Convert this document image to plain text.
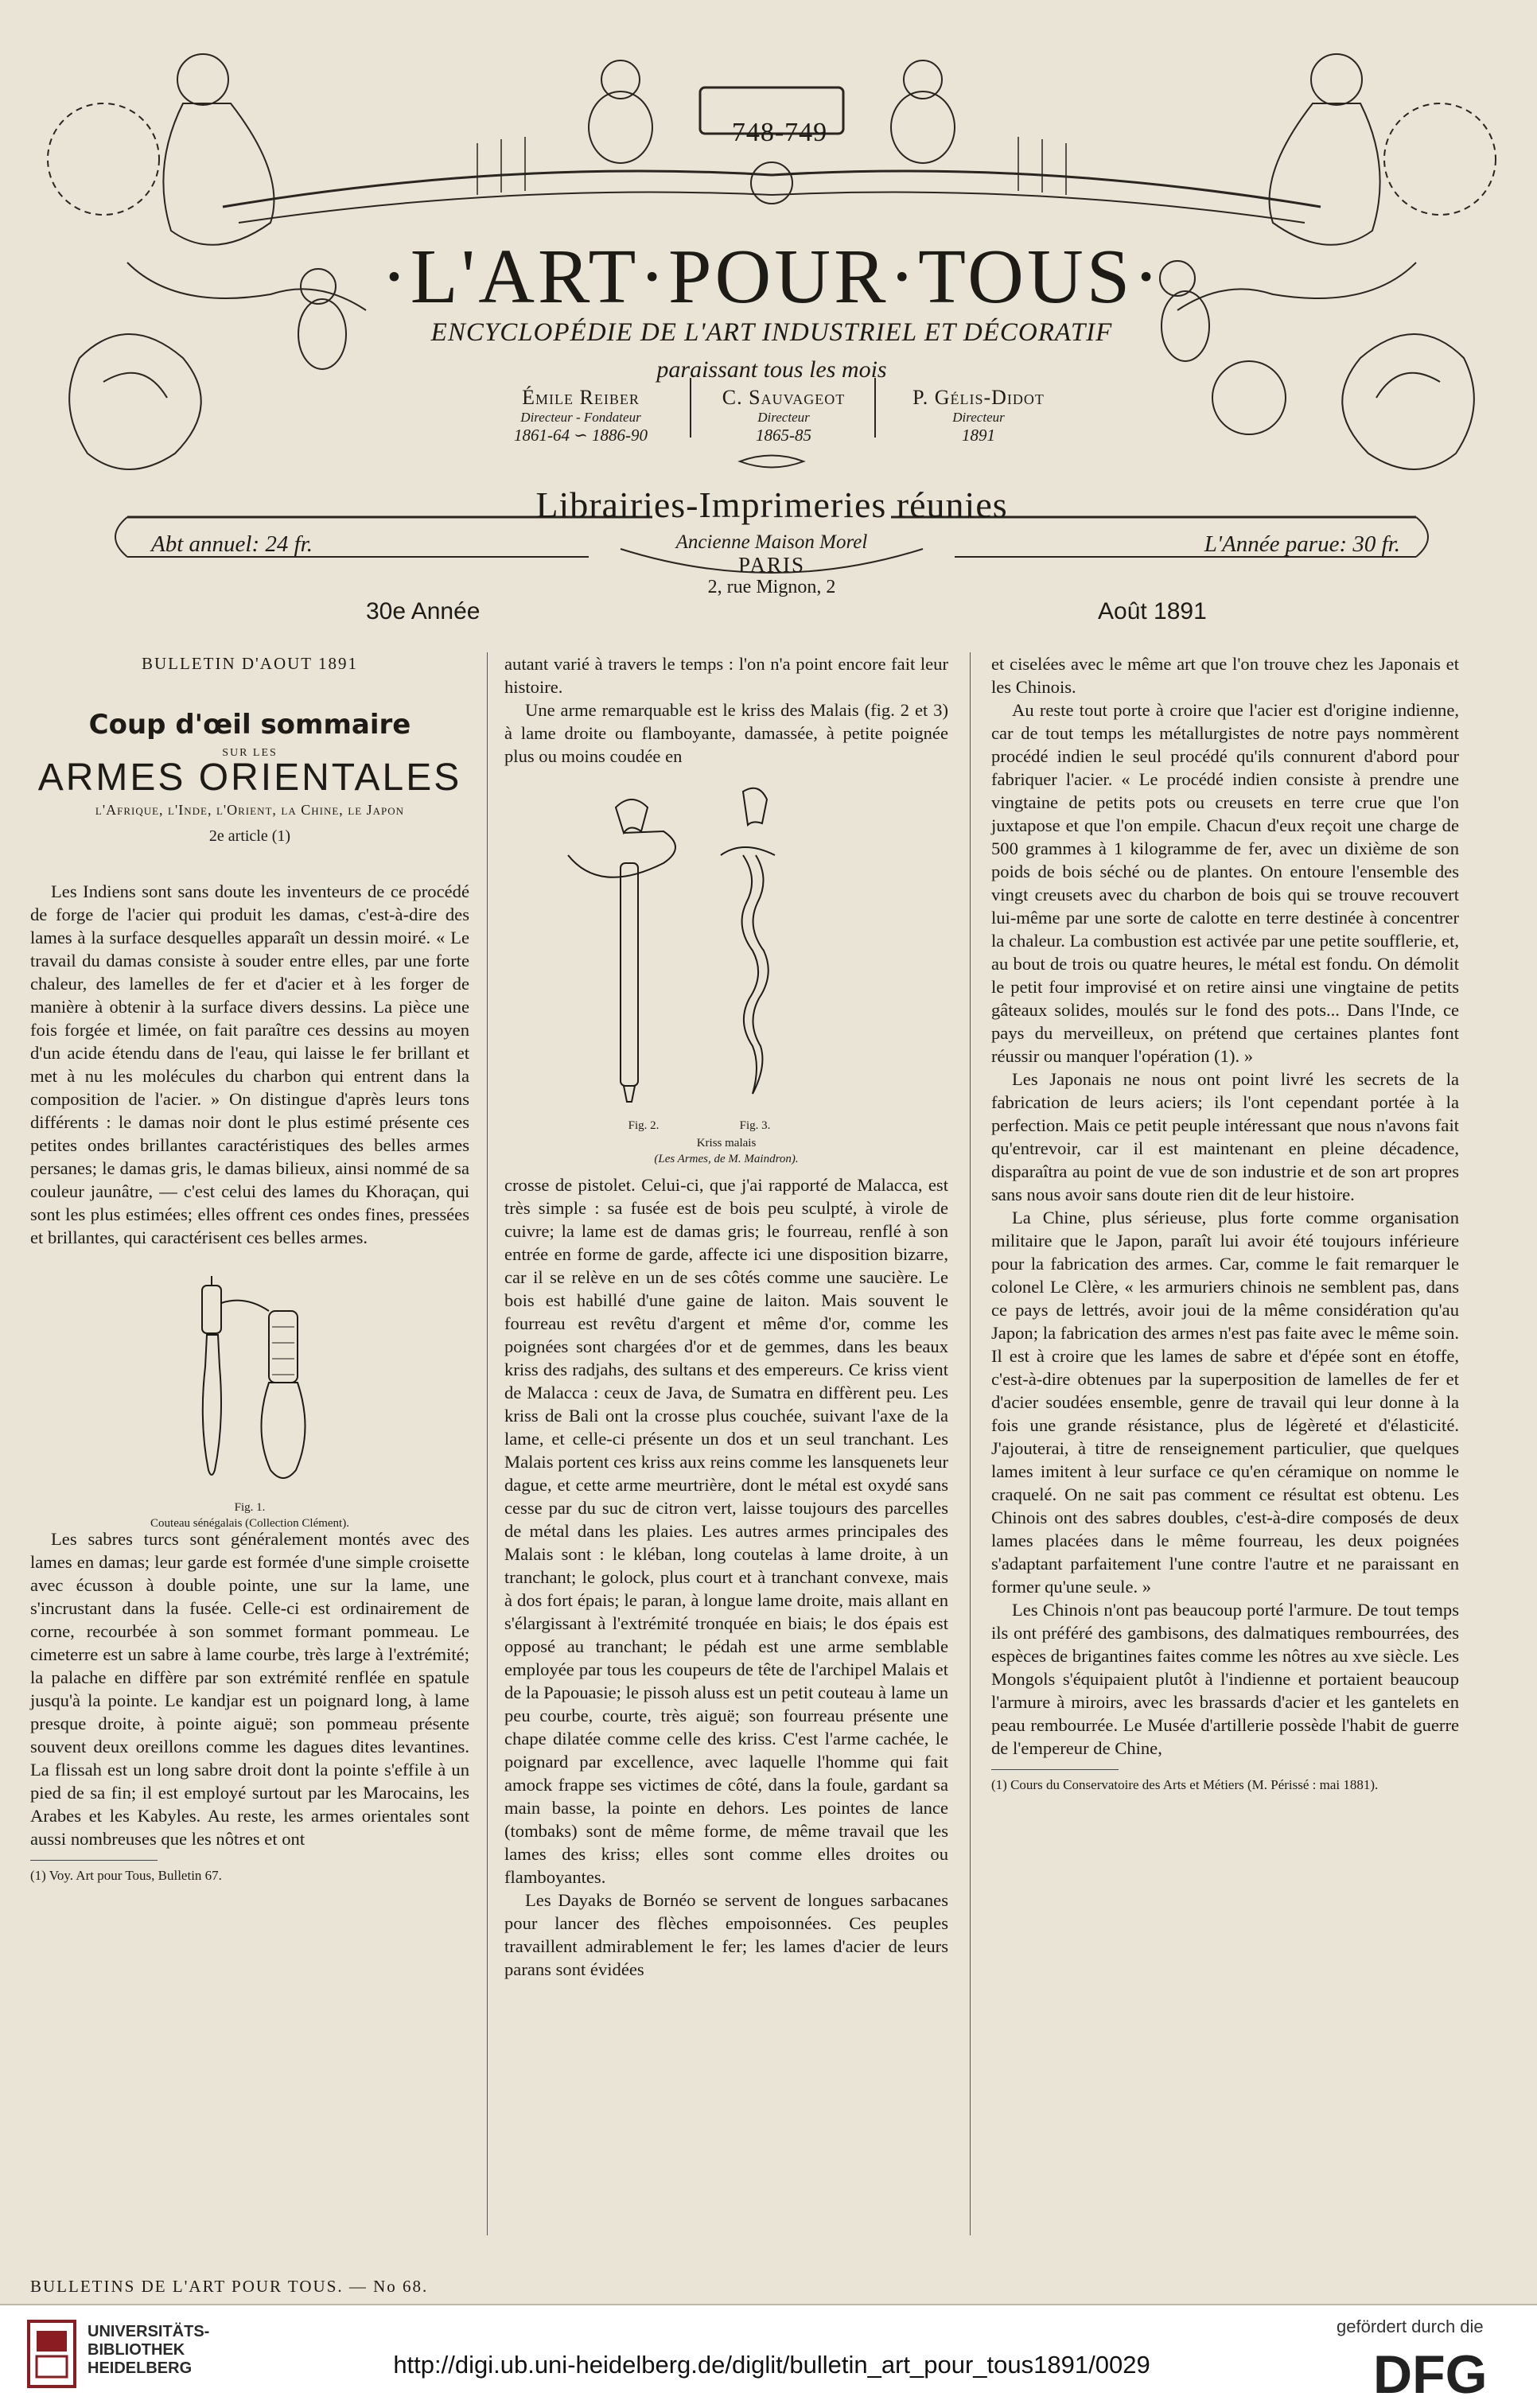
748-749
·L'ART·POUR·TOUS·
ENCYCLOPÉDIE DE L'ART INDUSTRIEL ET DÉCORATIF
paraissant tous les mois
Émile Reiber
Directeur - Fondateur
1861-64 ∽ 1886-90
C. Sauvageot
Directeur
1865-85
P. Gélis-Didot
Directeur
1891
Librairies-Imprimeries réunies
Ancienne Maison Morel
Abt annuel: 24 fr.	L'Année parue: 30 fr.
PARIS
2, rue Mignon, 2
30e Année	Août 1891
BULLETIN D'AOUT 1891
Coup d'œil sommaire
SUR LES
ARMES ORIENTALES
l'Afrique, l'Inde, l'Orient, la Chine, le Japon
2e article (1)

Les Indiens sont sans doute les inventeurs de ce procédé de forge de l'acier qui produit les damas, c'est-à-dire des lames à la surface desquelles apparaît un dessin moiré. « Le travail du damas consiste à souder entre elles, par une forte chaleur, des lamelles de fer et d'acier et à les forger de manière à obtenir à la surface divers dessins. La pièce une fois forgée et limée, on fait paraître ces dessins au moyen d'un acide étendu dans de l'eau, qui laisse le fer brillant et met à nu les molécules du charbon qui entrent dans la composition de l'acier. » On distingue d'après leurs tons différents : le damas noir dont le plus estimé présente ces petites ondes brillantes caractéristiques des belles armes persanes; le damas gris, le damas bilieux, ainsi nommé de sa couleur jaunâtre, — c'est celui des lames du Khoraçan, qui sont les plus estimées; elles offrent ces ondes fines, pressées et brillantes, qui caractérisent ces belles armes.

Fig. 1.
Couteau sénégalais (Collection Clément).

Les sabres turcs sont généralement montés avec des lames en damas; leur garde est formée d'une simple croisette avec écusson à double pointe, une sur la lame, une s'incrustant dans la fusée. Celle-ci est ordinairement de corne, recourbée à son sommet formant pommeau. Le cimeterre est un sabre à lame courbe, très large à l'extrémité; la palache en diffère par son extrémité renflée en spatule jusqu'à la pointe. Le kandjar est un poignard long, à lame presque droite, à pointe aiguë; son pommeau présente souvent deux oreillons comme les dagues dites levantines. La flissah est un long sabre droit dont la pointe s'effile à un pied de sa fin; il est employé surtout par les Marocains, les Arabes et les Kabyles. Au reste, les armes orientales sont aussi nombreuses que les nôtres et ont

(1) Voy. Art pour Tous, Bulletin 67.

autant varié à travers le temps : l'on n'a point encore fait leur histoire.

Une arme remarquable est le kriss des Malais (fig. 2 et 3) à lame droite ou flamboyante, damassée, à petite poignée plus ou moins coudée en

Fig. 2.	Fig. 3.
Kriss malais
(Les Armes, de M. Maindron).

crosse de pistolet. Celui-ci, que j'ai rapporté de Malacca, est très simple : sa fusée est de bois peu sculpté, à virole de cuivre; la lame est de damas gris; le fourreau, renflé à son entrée en forme de garde, affecte ici une disposition bizarre, car il se relève en un de ses côtés comme une saucière. Le bois est habillé d'une gaine de laiton. Mais souvent le fourreau est revêtu d'argent et même d'or, comme les poignées sont chargées d'or et de gemmes, dans les beaux kriss des radjahs, des sultans et des empereurs. Ce kriss vient de Malacca : ceux de Java, de Sumatra en diffèrent peu. Les kriss de Bali ont la crosse plus couchée, suivant l'axe de la lame, et celle-ci présente un dos et un seul tranchant. Les Malais portent ces kriss aux reins comme les lansquenets leur dague, et cette arme meurtrière, dont le métal est oxydé sans cesse par du suc de citron vert, laisse toujours des parcelles de métal dans les plaies. Les autres armes principales des Malais sont : le kléban, long coutelas à lame droite, à un tranchant; le golock, plus court et à tranchant convexe, mais à dos fort épais; le paran, à longue lame droite, mais allant en s'élargissant à l'extrémité tronquée en biais; le dos épais est opposé au tranchant; le pédah est une arme semblable employée par tous les coupeurs de tête de l'archipel Malais et de la Papouasie; le pissoh aluss est un petit couteau à lame un peu courbe, courte, très aiguë; son fourreau présente une chape dilatée comme celle des kriss. C'est l'arme cachée, le poignard par excellence, avec laquelle l'homme qui fait amock frappe ses victimes de côté, dans la foule, gardant sa main basse, la pointe en dehors. Les pointes de lance (tombaks) sont de même forme, de même travail que les lames des kriss; elles sont comme elles droites ou flamboyantes.

Les Dayaks de Bornéo se servent de longues sarbacanes pour lancer des flèches empoisonnées. Ces peuples travaillent admirablement le fer; les lames d'acier de leurs parans sont évidées

et ciselées avec le même art que l'on trouve chez les Japonais et les Chinois.

Au reste tout porte à croire que l'acier est d'origine indienne, car de tout temps les métallurgistes de notre pays nommèrent procédé indien le seul procédé qu'ils connurent d'abord pour fabriquer l'acier. « Le procédé indien consiste à prendre une vingtaine de petits pots ou creusets en terre crue que l'on juxtapose et que l'on empile. Chacun d'eux reçoit une charge de 500 grammes à 1 kilogramme de fer, avec un dixième de son poids de bois séché ou de plantes. On entoure l'ensemble des vingt creusets avec du charbon de bois qui se trouve recouvert lui-même par une sorte de calotte en terre destinée à concentrer la chaleur. La combustion est activée par une petite soufflerie, et, au bout de trois ou quatre heures, le métal est fondu. On démolit le petit four improvisé et on retire ainsi une vingtaine de petits gâteaux solides, moulés sur le fond des pots... Dans l'Inde, ce pays du merveilleux, on prétend que certaines plantes font réussir ou manquer l'opération (1). »

Les Japonais ne nous ont point livré les secrets de la fabrication de leurs aciers; ils l'ont cependant portée à la perfection. Mais ce petit peuple intéressant que nous n'avons fait qu'entrevoir, car il est maintenant en pleine décadence, disparaîtra au point de vue de son industrie et de son art propres sans nous avoir sans doute rien dit de leur histoire.

La Chine, plus sérieuse, plus forte comme organisation militaire que le Japon, paraît lui avoir été toujours inférieure pour la fabrication des armes. Car, comme le fait remarquer le colonel Le Clère, « les armuriers chinois ne semblent pas, dans ce pays de lettrés, avoir joui de la même considération qu'au Japon; la fabrication des armes n'est pas faite avec le même soin. Il est à croire que les lames de sabre et d'épée sont en étoffe, c'est-à-dire obtenues par la superposition de lamelles de fer et d'acier soudées ensemble, genre de travail qui leur donne à la fois une grande résistance, plus de légèreté et d'élasticité. J'ajouterai, à titre de renseignement particulier, que quelques lames imitent à leur surface ce qu'en céramique on nomme le craquelé. On ne sait pas comment ce résultat est obtenu. Les Chinois ont des sabres doubles, c'est-à-dire composés de deux lames placées dans le même fourreau, les deux poignées s'adaptant parfaitement l'une contre l'autre et ne paraissant en former qu'une seule. »

Les Chinois n'ont pas beaucoup porté l'armure. De tout temps ils ont préféré des gambisons, des dalmatiques rembourrées, des espèces de brigantines faites comme les nôtres au xve siècle. Les Mongols s'équipaient plutôt à l'indienne et portaient beaucoup l'armure à miroirs, avec les brassards d'acier et les gantelets en peau rembourrée. Le Musée d'artillerie possède l'habit de guerre de l'empereur de Chine,

(1) Cours du Conservatoire des Arts et Métiers (M. Périssé : mai 1881).
BULLETINS DE L'ART POUR TOUS. — No 68.
UNIVERSITÄTS-
BIBLIOTHEK
HEIDELBERG	http://digi.ub.uni-heidelberg.de/diglit/bulletin_art_pour_tous1891/0029
gefördert durch die
DFG
